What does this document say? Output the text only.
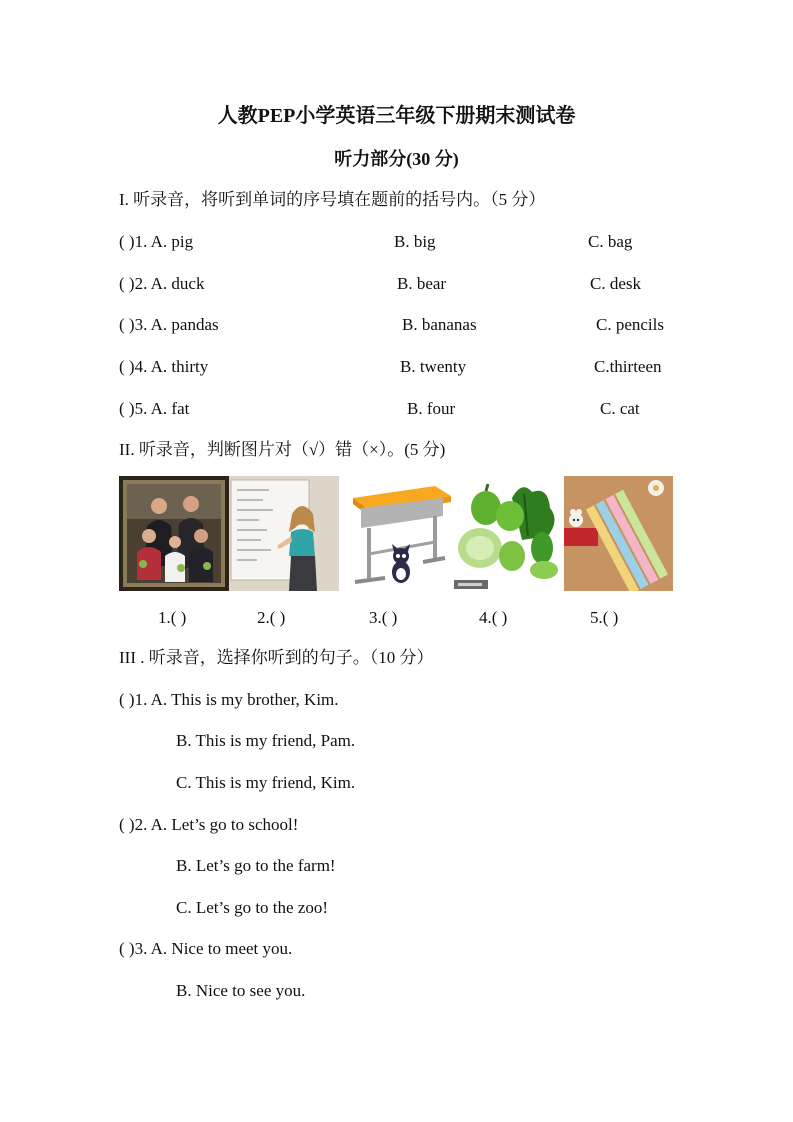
人教PEP小学英语三年级下册期末测试卷
听力部分(30 分)
I. 听录音，将听到单词的序号填在题前的括号内。（5 分）
( )1. A. pig	B. big	C. bag
( )2. A. duck	B. bear	C. desk
( )3. A. pandas	B. bananas	C. pencils
( )4. A. thirty	B. twenty	C.thirteen
( )5. A. fat	B. four	C. cat
II. 听录音，判断图片对（√）错（×）。(5 分)
1.( )	2.( )	3.( )	4.( )	5.( )
III . 听录音，选择你听到的句子。（10 分）
( )1. A. This is my brother, Kim.
B. This is my friend, Pam.
C. This is my friend, Kim.
( )2. A. Let’s go to school!
B. Let’s go to the farm!
C. Let’s go to the zoo!
( )3. A. Nice to meet you.
B. Nice to see you.
